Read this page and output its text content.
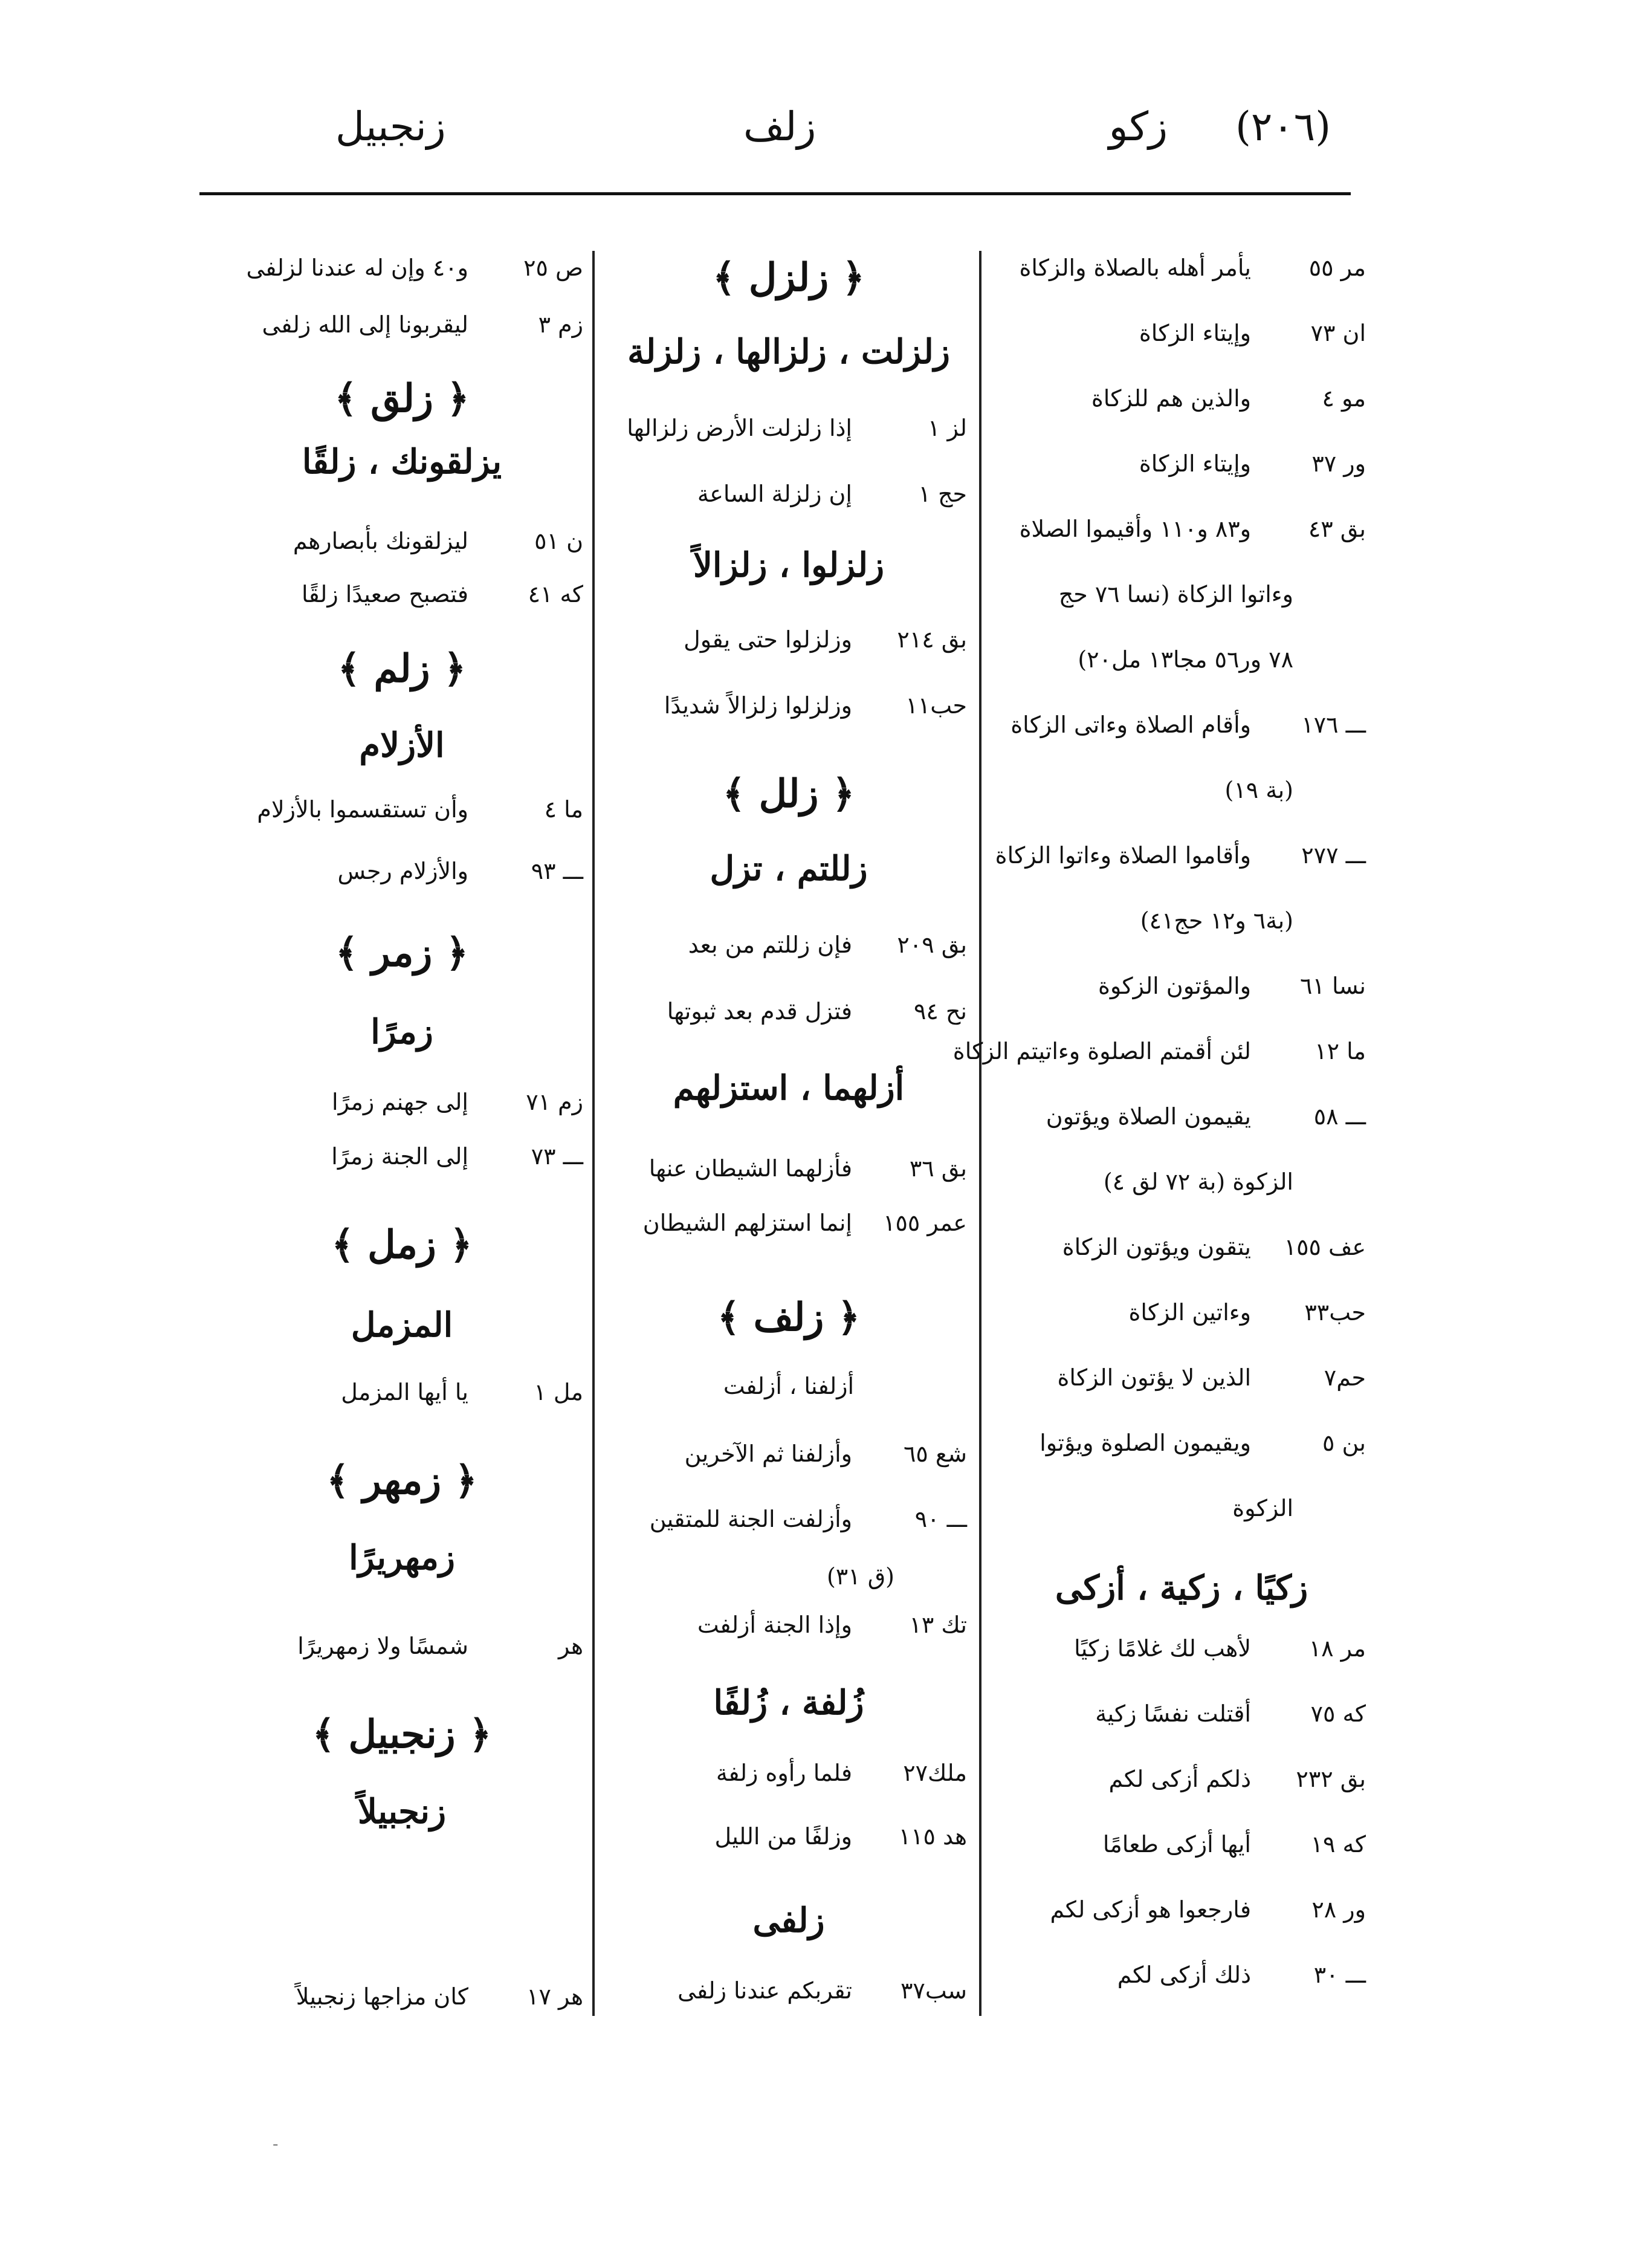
(٢٠٦)
زكو
زلف
زنجبيل
مر ٥٥يأمر أهله بالصلاة والزكاة
ان ٧٣وإيتاء الزكاة
مو ٤والذين هم للزكاة
ور ٣٧وإيتاء الزكاة
بق ٤٣و٨٣ و١١٠ وأقيموا الصلاة
وءاتوا الزكاة (نسا ٧٦ حج
٧٨ ور٥٦ مجا١٣ مل٢٠)
ـــ ١٧٦وأقام الصلاة وءاتى الزكاة
(بة ١٩)
ـــ ٢٧٧وأقاموا الصلاة وءاتوا الزكاة
(بة٦ و١٢ حج٤١)
نسا ٦١والمؤتون الزكوة
ما ١٢لئن أقمتم الصلوة وءاتيتم الزكاة
ـــ ٥٨يقيمون الصلاة ويؤتون
الزكوة (بة ٧٢ لق ٤)
عف ١٥٥يتقون ويؤتون الزكاة
حب٣٣وءاتين الزكاة
حم٧الذين لا يؤتون الزكاة
بن ٥ويقيمون الصلوة ويؤتوا
الزكوة
زكيًا ، زكية ، أزكى
مر ١٨لأهب لك غلامًا زكيًا
كه ٧٥أقتلت نفسًا زكية
بق ٢٣٢ذلكم أزكى لكم
كه ١٩أيها أزكى طعامًا
ور ٢٨فارجعوا هو أزكى لكم
ـــ ٣٠ذلك أزكى لكم
﴿ زلزل ﴾
زلزلت ، زلزالها ، زلزلة
لز ١إذا زلزلت الأرض زلزالها
حج ١إن زلزلة الساعة
زلزلوا ، زلزالاً
بق ٢١٤وزلزلوا حتى يقول
حب١١وزلزلوا زلزالاً شديدًا
﴿ زلل ﴾
زللتم ، تزل
بق ٢٠٩فإن زللتم من بعد
نح ٩٤فتزل قدم بعد ثبوتها
أزلهما ، استزلهم
بق ٣٦فأزلهما الشيطان عنها
عمر ١٥٥إنما استزلهم الشيطان
﴿ زلف ﴾
أزلفنا ، أزلفت
شع ٦٥وأزلفنا ثم الآخرين
ـــ ٩٠وأزلفت الجنة للمتقين
(ق ٣١)
تك ١٣وإذا الجنة أزلفت
زُلفة ، زُلفًا
ملك٢٧فلما رأوه زلفة
هد ١١٥وزلفًا من الليل
زلفى
سب٣٧تقربكم عندنا زلفى
ص ٢٥و٤٠ وإن له عندنا لزلفى
زم ٣ليقربونا إلى الله زلفى
﴿ زلق ﴾
يزلقونك ، زلقًا
ن ٥١ليزلقونك بأبصارهم
كه ٤١فتصبح صعيدًا زلقًا
﴿ زلم ﴾
الأزلام
ما ٤وأن تستقسموا بالأزلام
ـــ ٩٣والأزلام رجس
﴿ زمر ﴾
زمرًا
زم ٧١إلى جهنم زمرًا
ـــ ٧٣إلى الجنة زمرًا
﴿ زمل ﴾
المزمل
مل ١يا أيها المزمل
﴿ زمهر ﴾
زمهريرًا
هرشمسًا ولا زمهريرًا
﴿ زنجبيل ﴾
زنجبيلاً
هر ١٧كان مزاجها زنجبيلاً
-
